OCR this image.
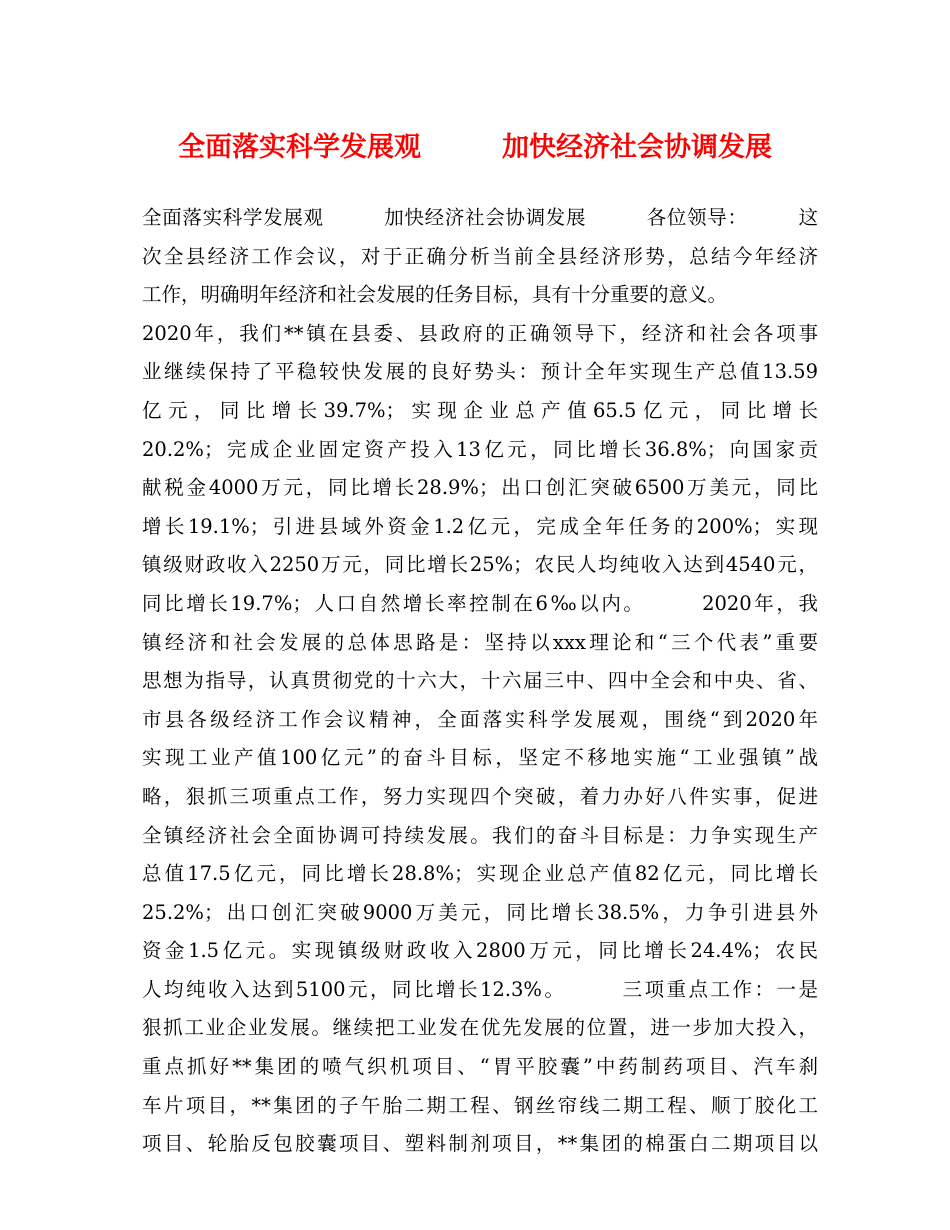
全面落实科学发展观　　　加快经济社会协调发展
全面落实科学发展观　　　加快经济社会协调发展　　　各位领导：　　　这
次全县经济工作会议，对于正确分析当前全县经济形势，总结今年经济
工作，明确明年经济和社会发展的任务目标，具有十分重要的意义。
2020年，我们**镇在县委、县政府的正确领导下，经济和社会各项事
业继续保持了平稳较快发展的良好势头：预计全年实现生产总值13.59
亿元，同比增长39.7%；实现企业总产值65.5亿元，同比增长
20.2%；完成企业固定资产投入13亿元，同比增长36.8%；向国家贡
献税金4000万元，同比增长28.9%；出口创汇突破6500万美元，同比
增长19.1%；引进县域外资金1.2亿元，完成全年任务的200%；实现
镇级财政收入2250万元，同比增长25%；农民人均纯收入达到4540元，
同比增长19.7%；人口自然增长率控制在6‰以内。　　　2020年，我
镇经济和社会发展的总体思路是：坚持以xxx理论和“三个代表”重要
思想为指导，认真贯彻党的十六大，十六届三中、四中全会和中央、省、
市县各级经济工作会议精神，全面落实科学发展观，围绕“到2020年
实现工业产值100亿元”的奋斗目标，坚定不移地实施“工业强镇”战
略，狠抓三项重点工作，努力实现四个突破，着力办好八件实事，促进
全镇经济社会全面协调可持续发展。我们的奋斗目标是：力争实现生产
总值17.5亿元，同比增长28.8%；实现企业总产值82亿元，同比增长
25.2%；出口创汇突破9000万美元，同比增长38.5%，力争引进县外
资金1.5亿元。实现镇级财政收入2800万元，同比增长24.4%；农民
人均纯收入达到5100元，同比增长12.3%。　　　三项重点工作：一是
狠抓工业企业发展。继续把工业发在优先发展的位置，进一步加大投入，
重点抓好**集团的喷气织机项目、“胃平胶囊”中药制药项目、汽车刹
车片项目，**集团的子午胎二期工程、钢丝帘线二期工程、顺丁胶化工
项目、轮胎反包胶囊项目、塑料制剂项目，**集团的棉蛋白二期项目以
